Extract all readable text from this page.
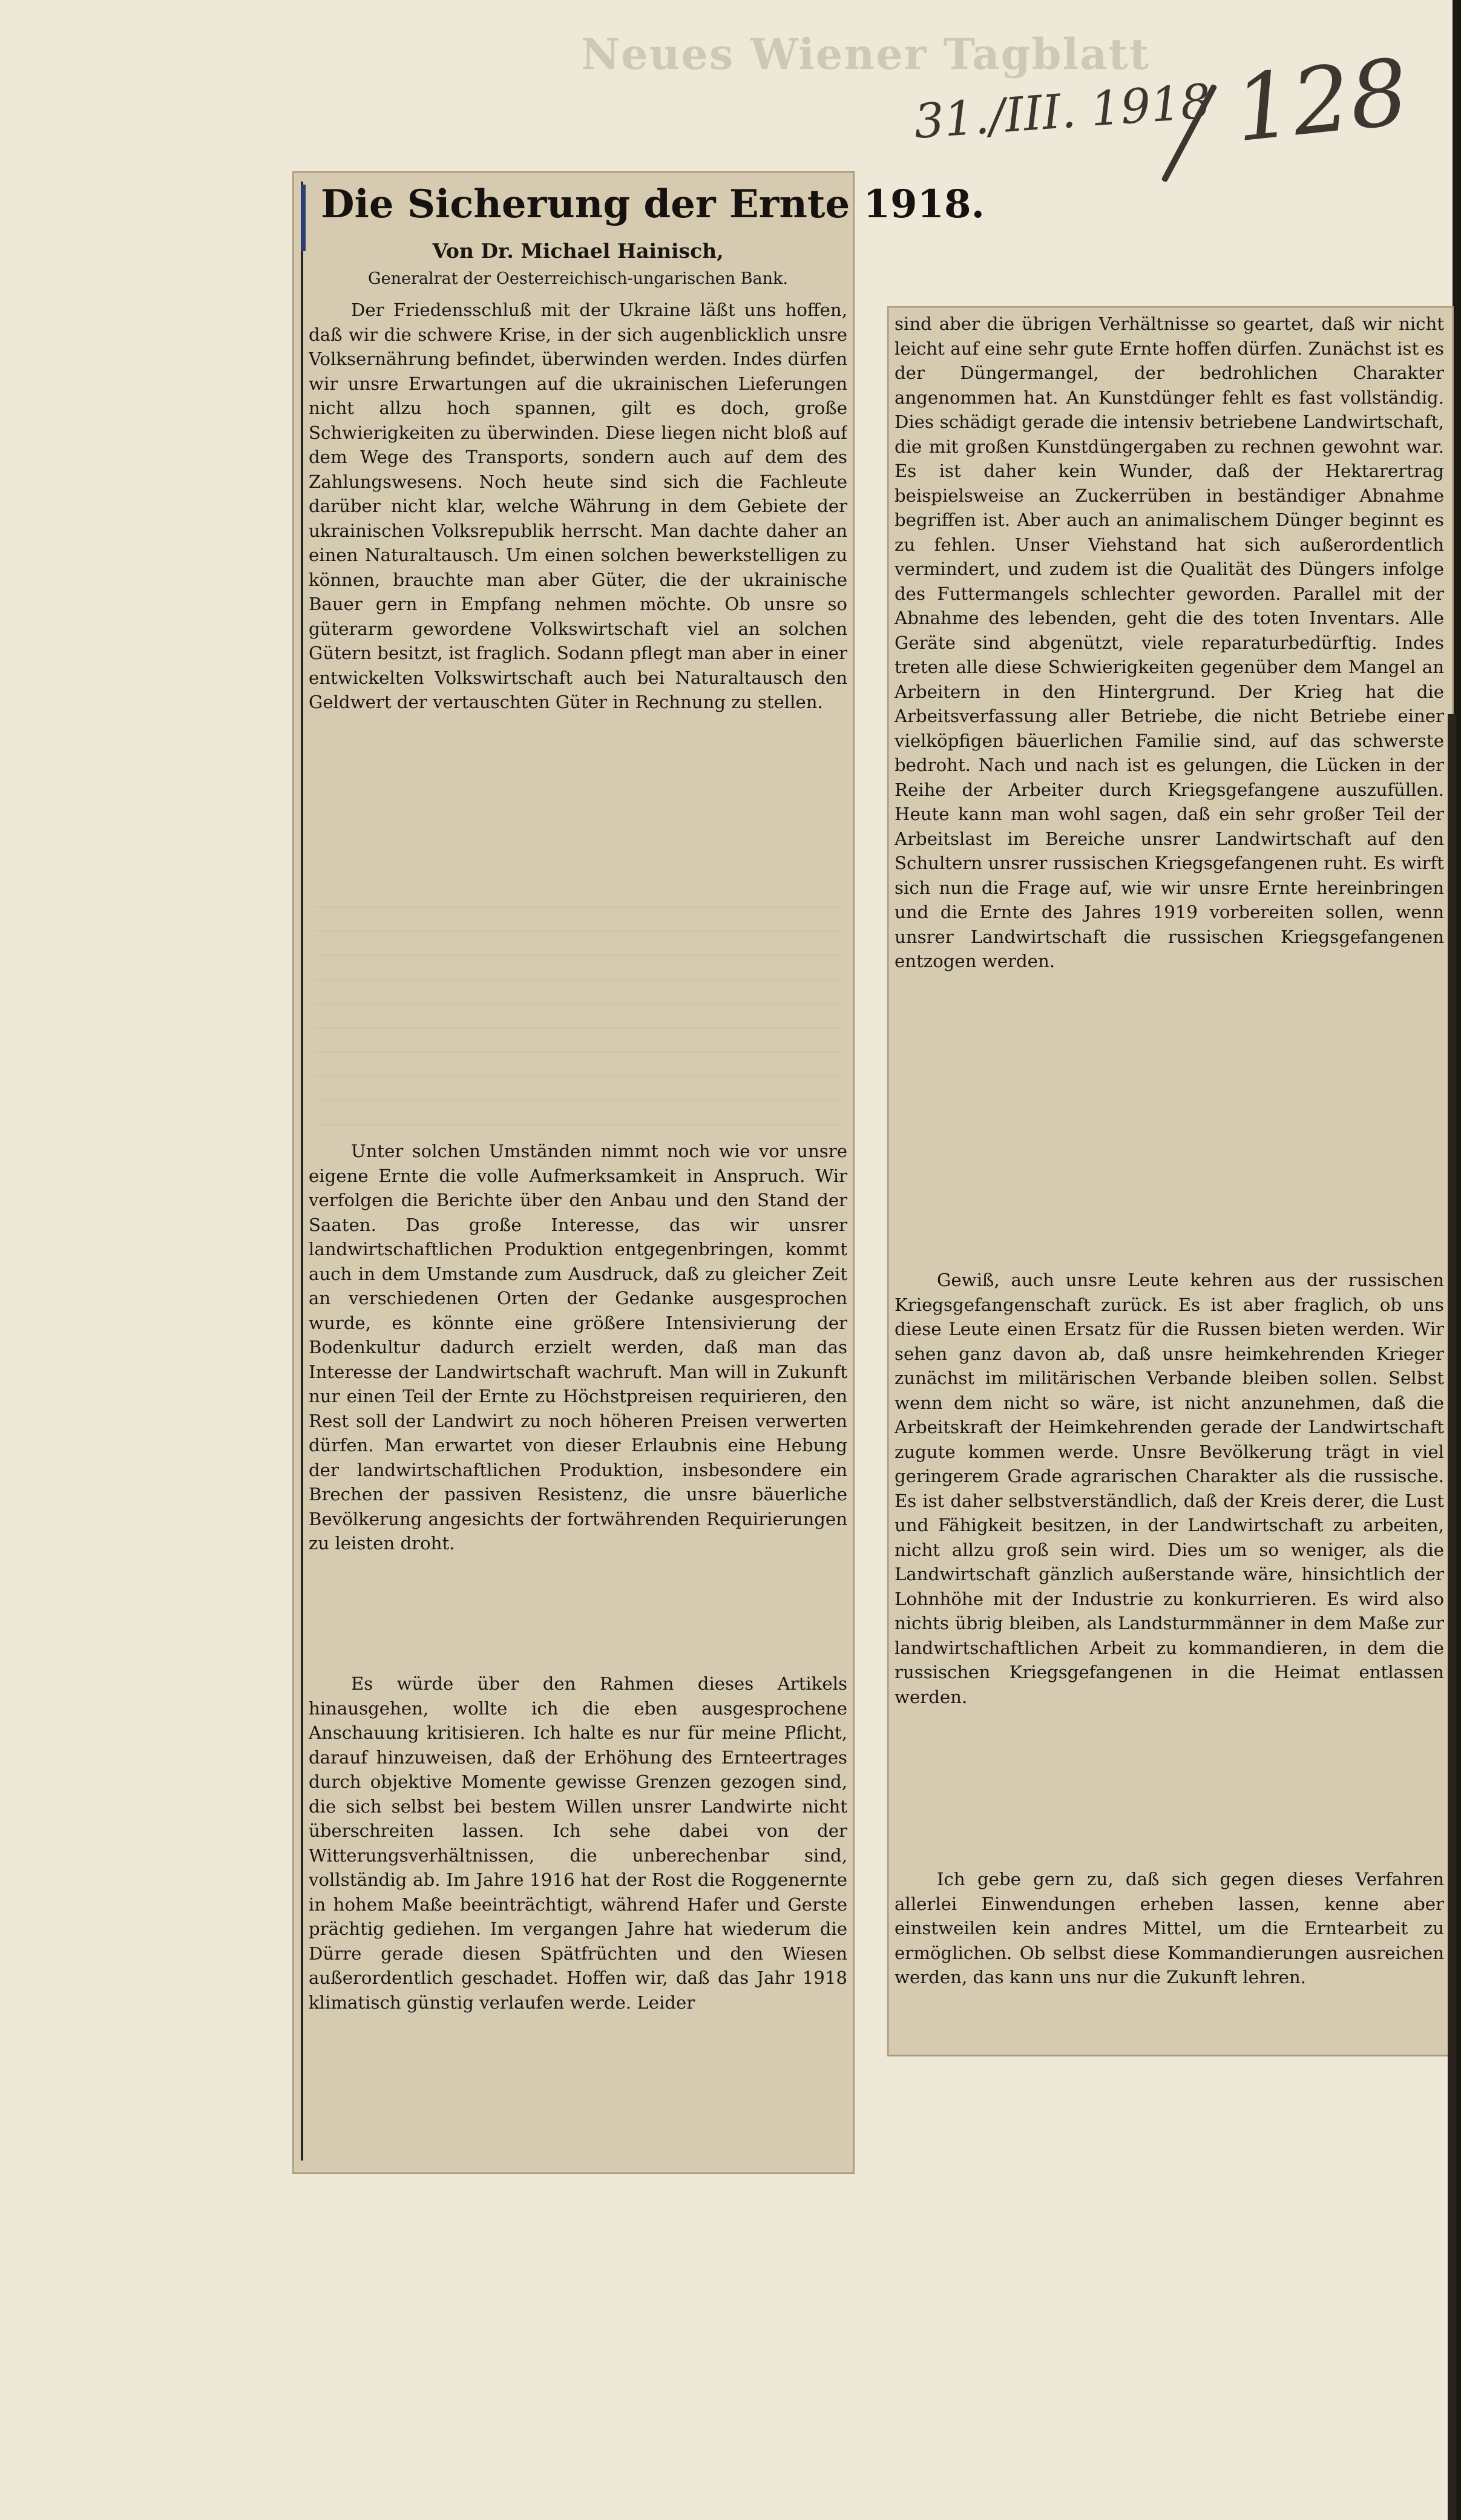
Neues Wiener Tagblatt
31./III. 1918 128
Die Sicherung der Ernte 1918.
Von Dr. Michael Hainisch,
Generalrat der Oesterreichisch-ungarischen Bank.
Der Friedensschluß mit der Ukraine läßt uns hoffen, daß wir die schwere Krise, in der sich augenblicklich unsre Volksernährung befindet, überwinden werden. Indes dürfen wir unsre Erwartungen auf die ukrainischen Lieferungen nicht allzu hoch spannen, gilt es doch, große Schwierigkeiten zu überwinden. Diese liegen nicht bloß auf dem Wege des Transports, sondern auch auf dem des Zahlungswesens. Noch heute sind sich die Fachleute darüber nicht klar, welche Währung in dem Gebiete der ukrainischen Volksrepublik herrscht. Man dachte daher an einen Naturaltausch. Um einen solchen bewerkstelligen zu können, brauchte man aber Güter, die der ukrainische Bauer gern in Empfang nehmen möchte. Ob unsre so güterarm gewordene Volkswirtschaft viel an solchen Gütern besitzt, ist fraglich. Sodann pflegt man aber in einer entwickelten Volkswirtschaft auch bei Naturaltausch den Geldwert der vertauschten Güter in Rechnung zu stellen.
Unter solchen Umständen nimmt noch wie vor unsre eigene Ernte die volle Aufmerksamkeit in Anspruch. Wir verfolgen die Berichte über den Anbau und den Stand der Saaten. Das große Interesse, das wir unsrer landwirtschaftlichen Produktion entgegenbringen, kommt auch in dem Umstande zum Ausdruck, daß zu gleicher Zeit an verschiedenen Orten der Gedanke ausgesprochen wurde, es könnte eine größere Intensivierung der Bodenkultur dadurch erzielt werden, daß man das Interesse der Landwirtschaft wachruft. Man will in Zukunft nur einen Teil der Ernte zu Höchstpreisen requirieren, den Rest soll der Landwirt zu noch höheren Preisen verwerten dürfen. Man erwartet von dieser Erlaubnis eine Hebung der landwirtschaftlichen Produktion, insbesondere ein Brechen der passiven Resistenz, die unsre bäuerliche Bevölkerung angesichts der fortwährenden Requirierungen zu leisten droht.
Es würde über den Rahmen dieses Artikels hinausgehen, wollte ich die eben ausgesprochene Anschauung kritisieren. Ich halte es nur für meine Pflicht, darauf hinzuweisen, daß der Erhöhung des Ernteertrages durch objektive Momente gewisse Grenzen gezogen sind, die sich selbst bei bestem Willen unsrer Landwirte nicht überschreiten lassen. Ich sehe dabei von der Witterungsverhältnissen, die unberechenbar sind, vollständig ab. Im Jahre 1916 hat der Rost die Roggenernte in hohem Maße beeinträchtigt, während Hafer und Gerste prächtig gediehen. Im vergangen Jahre hat wiederum die Dürre gerade diesen Spätfrüchten und den Wiesen außerordentlich geschadet. Hoffen wir, daß das Jahr 1918 klimatisch günstig verlaufen werde. Leider
sind aber die übrigen Verhältnisse so geartet, daß wir nicht leicht auf eine sehr gute Ernte hoffen dürfen. Zunächst ist es der Düngermangel, der bedrohlichen Charakter angenommen hat. An Kunstdünger fehlt es fast vollständig. Dies schädigt gerade die intensiv betriebene Landwirtschaft, die mit großen Kunstdüngergaben zu rechnen gewohnt war. Es ist daher kein Wunder, daß der Hektarertrag beispielsweise an Zuckerrüben in beständiger Abnahme begriffen ist. Aber auch an animalischem Dünger beginnt es zu fehlen. Unser Viehstand hat sich außerordentlich vermindert, und zudem ist die Qualität des Düngers infolge des Futtermangels schlechter geworden. Parallel mit der Abnahme des lebenden, geht die des toten Inventars. Alle Geräte sind abgenützt, viele reparaturbedürftig. Indes treten alle diese Schwierigkeiten gegenüber dem Mangel an Arbeitern in den Hintergrund. Der Krieg hat die Arbeitsverfassung aller Betriebe, die nicht Betriebe einer vielköpfigen bäuerlichen Familie sind, auf das schwerste bedroht. Nach und nach ist es gelungen, die Lücken in der Reihe der Arbeiter durch Kriegsgefangene auszufüllen. Heute kann man wohl sagen, daß ein sehr großer Teil der Arbeitslast im Bereiche unsrer Landwirtschaft auf den Schultern unsrer russischen Kriegsgefangenen ruht. Es wirft sich nun die Frage auf, wie wir unsre Ernte hereinbringen und die Ernte des Jahres 1919 vorbereiten sollen, wenn unsrer Landwirtschaft die russischen Kriegsgefangenen entzogen werden.
Gewiß, auch unsre Leute kehren aus der russischen Kriegsgefangenschaft zurück. Es ist aber fraglich, ob uns diese Leute einen Ersatz für die Russen bieten werden. Wir sehen ganz davon ab, daß unsre heimkehrenden Krieger zunächst im militärischen Verbande bleiben sollen. Selbst wenn dem nicht so wäre, ist nicht anzunehmen, daß die Arbeitskraft der Heimkehrenden gerade der Landwirtschaft zugute kommen werde. Unsre Bevölkerung trägt in viel geringerem Grade agrarischen Charakter als die russische. Es ist daher selbstverständlich, daß der Kreis derer, die Lust und Fähigkeit besitzen, in der Landwirtschaft zu arbeiten, nicht allzu groß sein wird. Dies um so weniger, als die Landwirtschaft gänzlich außerstande wäre, hinsichtlich der Lohnhöhe mit der Industrie zu konkurrieren. Es wird also nichts übrig bleiben, als Landsturmmänner in dem Maße zur landwirtschaftlichen Arbeit zu kommandieren, in dem die russischen Kriegsgefangenen in die Heimat entlassen werden.
Ich gebe gern zu, daß sich gegen dieses Verfahren allerlei Einwendungen erheben lassen, kenne aber einstweilen kein andres Mittel, um die Erntearbeit zu ermöglichen. Ob selbst diese Kommandierungen ausreichen werden, das kann uns nur die Zukunft lehren.
